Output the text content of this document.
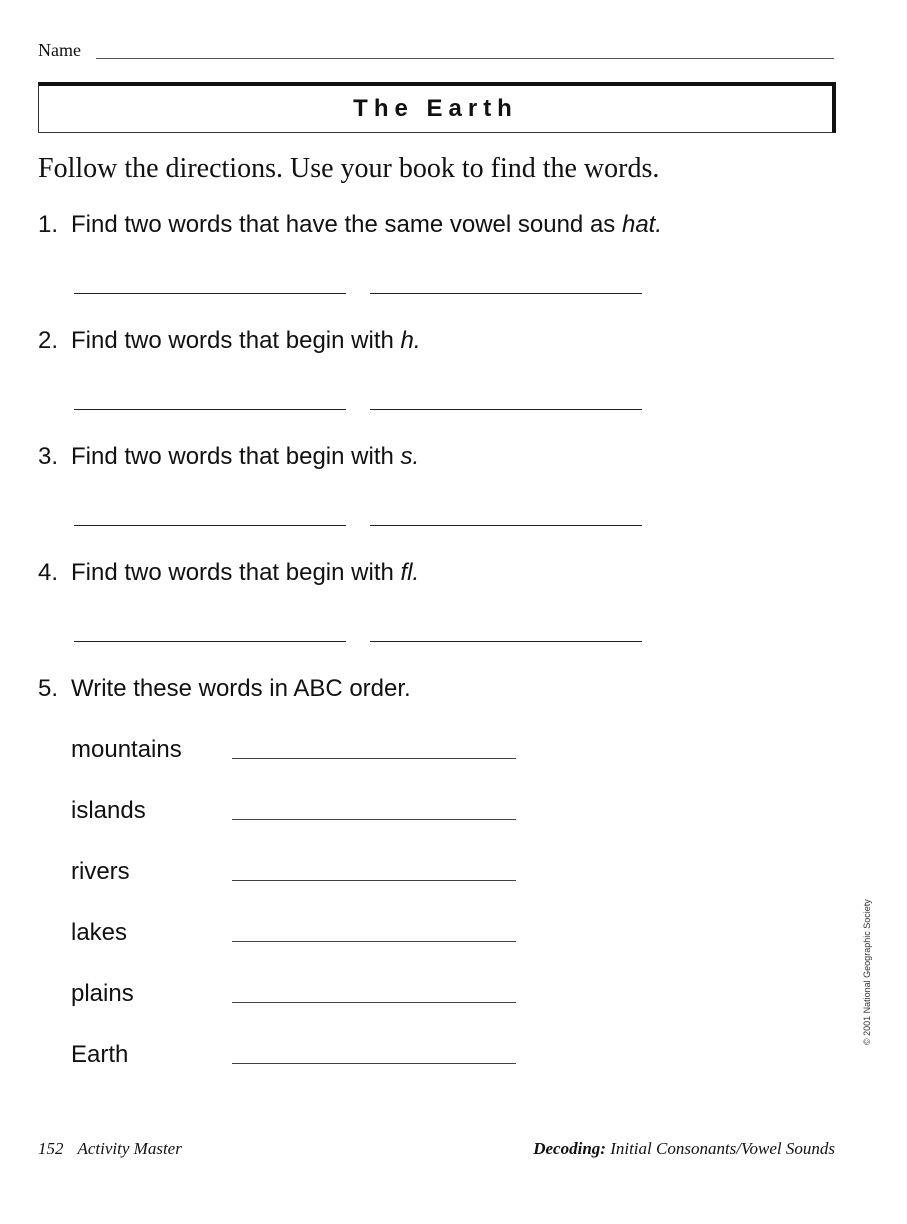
Name
The Earth
Follow the directions. Use your book to find the words.
1. Find two words that have the same vowel sound as hat.
2. Find two words that begin with h.
3. Find two words that begin with s.
4. Find two words that begin with fl.
5. Write these words in ABC order.
mountains
islands
rivers
lakes
plains
Earth
© 2001 National Geographic Society
152 Activity Master	Decoding: Initial Consonants/Vowel Sounds
